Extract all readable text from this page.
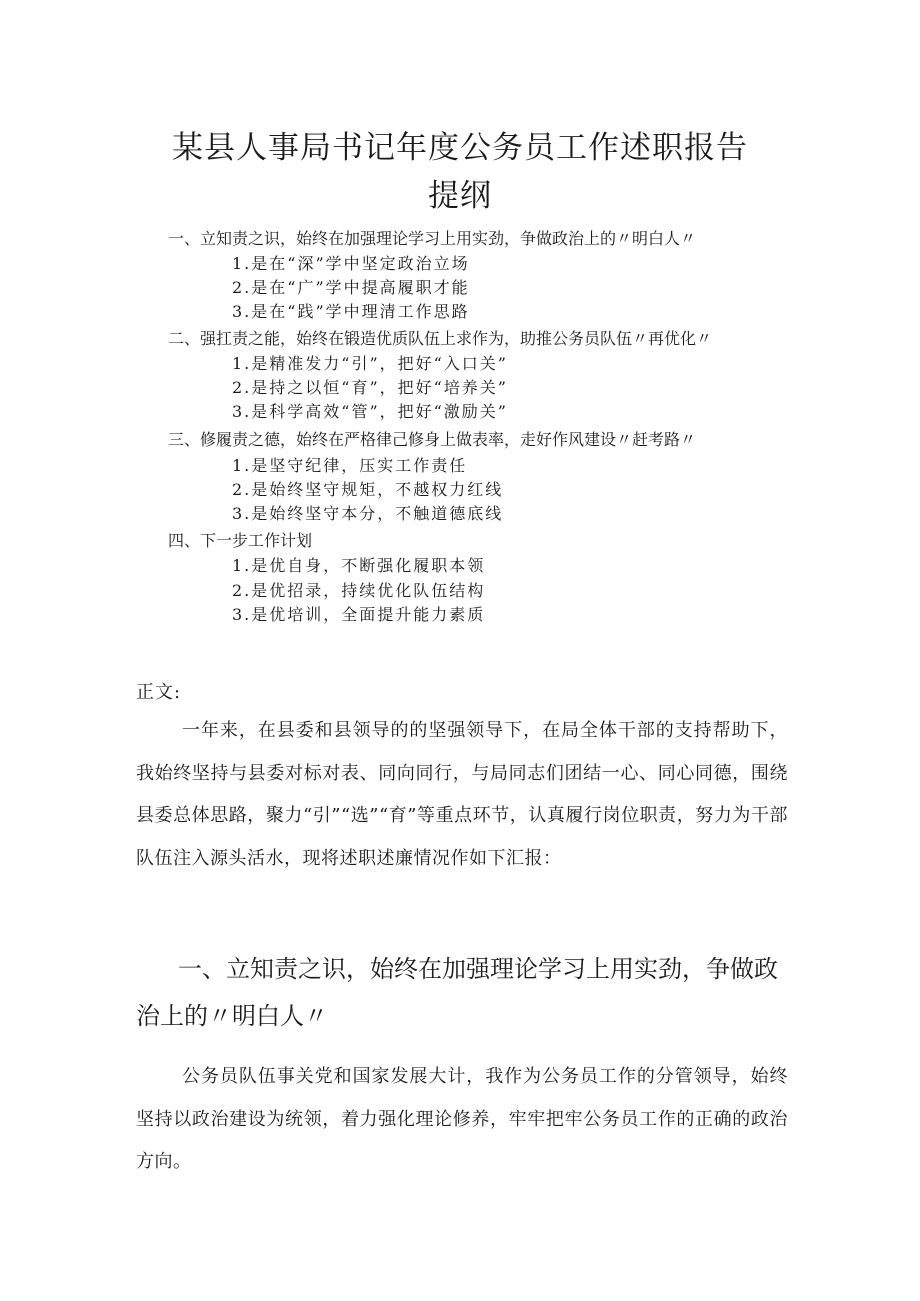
某县人事局书记年度公务员工作述职报告
提纲
一、立知责之识，始终在加强理论学习上用实劲，争做政治上的〃明白人〃
1.是在“深”学中坚定政治立场
2.是在“广”学中提高履职才能
3.是在“践”学中理清工作思路
二、强扛责之能，始终在锻造优质队伍上求作为，助推公务员队伍〃再优化〃
1.是精准发力“引”，把好“入口关”
2.是持之以恒“育”，把好“培养关”
3.是科学高效“管”，把好“激励关”
三、修履责之德，始终在严格律己修身上做表率，走好作风建设〃赶考路〃
1.是坚守纪律，压实工作责任
2.是始终坚守规矩，不越权力红线
3.是始终坚守本分，不触道德底线
四、下一步工作计划
1.是优自身，不断强化履职本领
2.是优招录，持续优化队伍结构
3.是优培训，全面提升能力素质
正文:
一年来，在县委和县领导的的坚强领导下，在局全体干部的支持帮助下，我始终坚持与县委对标对表、同向同行，与局同志们团结一心、同心同德，围绕县委总体思路，聚力“引”“选”“育”等重点环节，认真履行岗位职责，努力为干部队伍注入源头活水，现将述职述廉情况作如下汇报：
一、立知责之识，始终在加强理论学习上用实劲，争做政治上的〃明白人〃
公务员队伍事关党和国家发展大计，我作为公务员工作的分管领导，始终坚持以政治建设为统领，着力强化理论修养，牢牢把牢公务员工作的正确的政治方向。
